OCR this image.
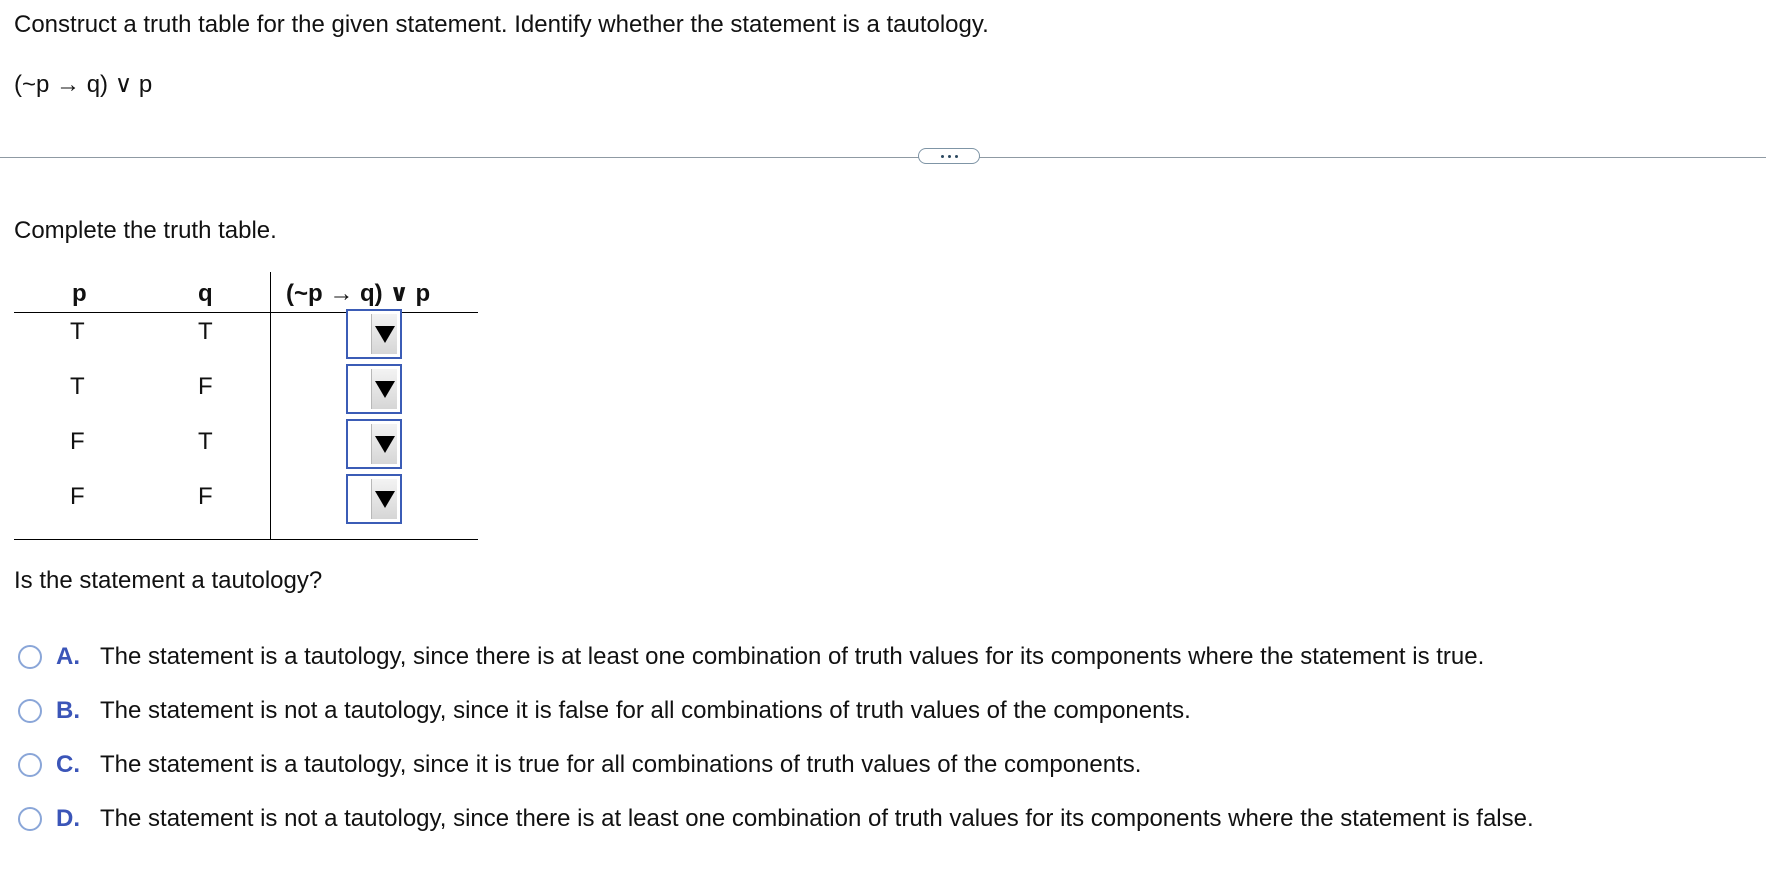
Construct a truth table for the given statement. Identify whether the statement is a tautology.
(~p → q) ∨ p
Complete the truth table.
p	q	(~p → q) ∨ p
T	T
T	F
F	T
F	F
Is the statement a tautology?
A. The statement is a tautology, since there is at least one combination of truth values for its components where the statement is true.
B. The statement is not a tautology, since it is false for all combinations of truth values of the components.
C. The statement is a tautology, since it is true for all combinations of truth values of the components.
D. The statement is not a tautology, since there is at least one combination of truth values for its components where the statement is false.
